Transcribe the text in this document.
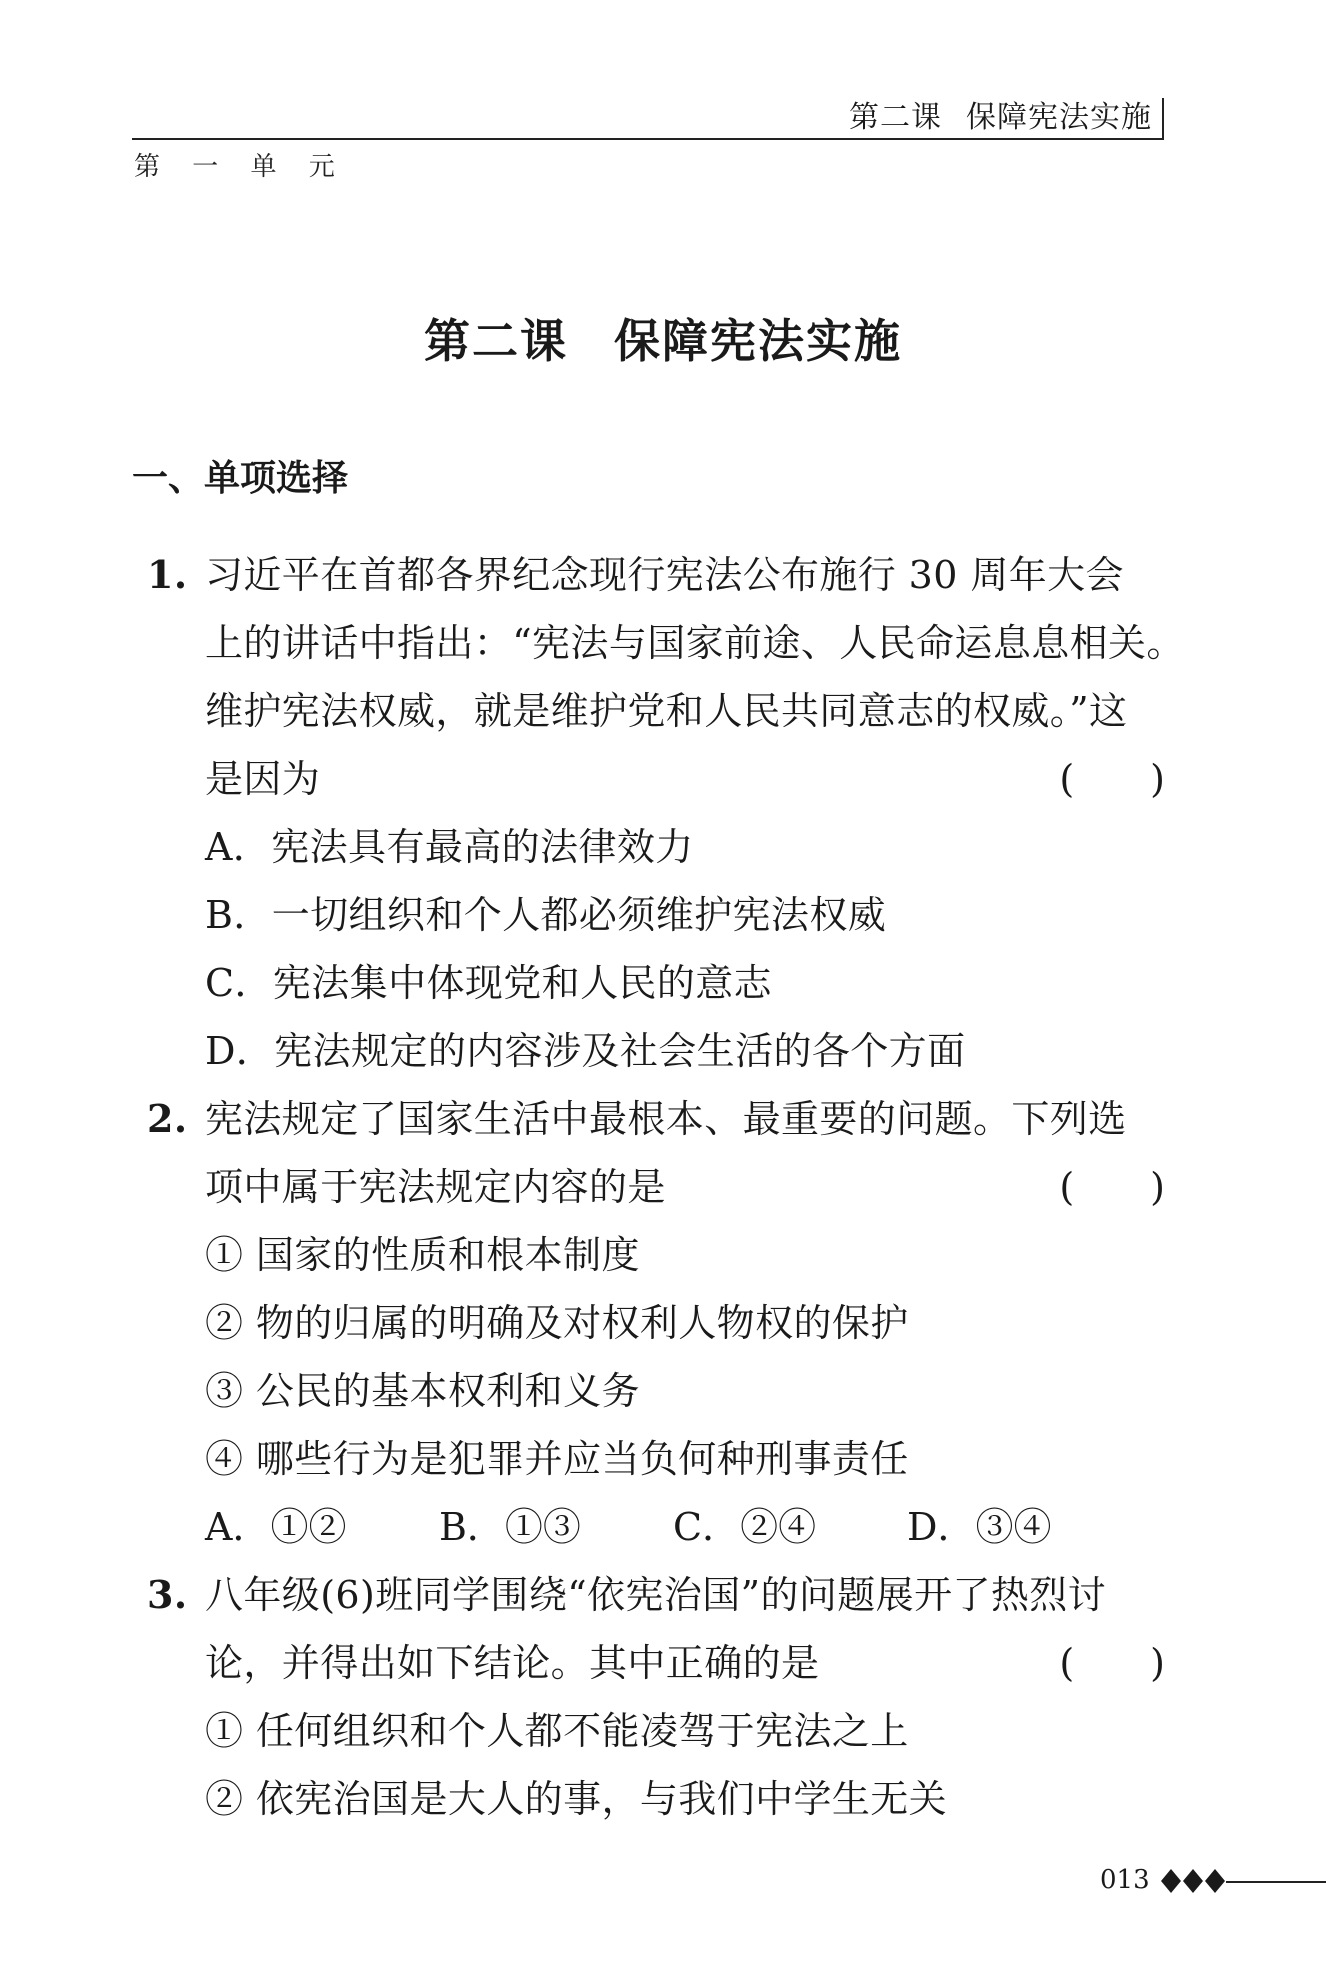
第二课 保障宪法实施
第 一 单 元
第二课 保障宪法实施
一、单项选择
1. 习近平在首都各界纪念现行宪法公布施行 30 周年大会
上的讲话中指出：“宪法与国家前途、人民命运息息相关。
维护宪法权威，就是维护党和人民共同意志的权威。”这
是因为	(　　)
A．宪法具有最高的法律效力
B．一切组织和个人都必须维护宪法权威
C．宪法集中体现党和人民的意志
D．宪法规定的内容涉及社会生活的各个方面
2. 宪法规定了国家生活中最根本、最重要的问题。下列选
项中属于宪法规定内容的是	(　　)
① 国家的性质和根本制度
② 物的归属的明确及对权利人物权的保护
③ 公民的基本权利和义务
④ 哪些行为是犯罪并应当负何种刑事责任
A．①② B．①③ C．②④ D．③④
3. 八年级(6)班同学围绕“依宪治国”的问题展开了热烈讨
论，并得出如下结论。其中正确的是	(　　)
① 任何组织和个人都不能凌驾于宪法之上
② 依宪治国是大人的事，与我们中学生无关
013
